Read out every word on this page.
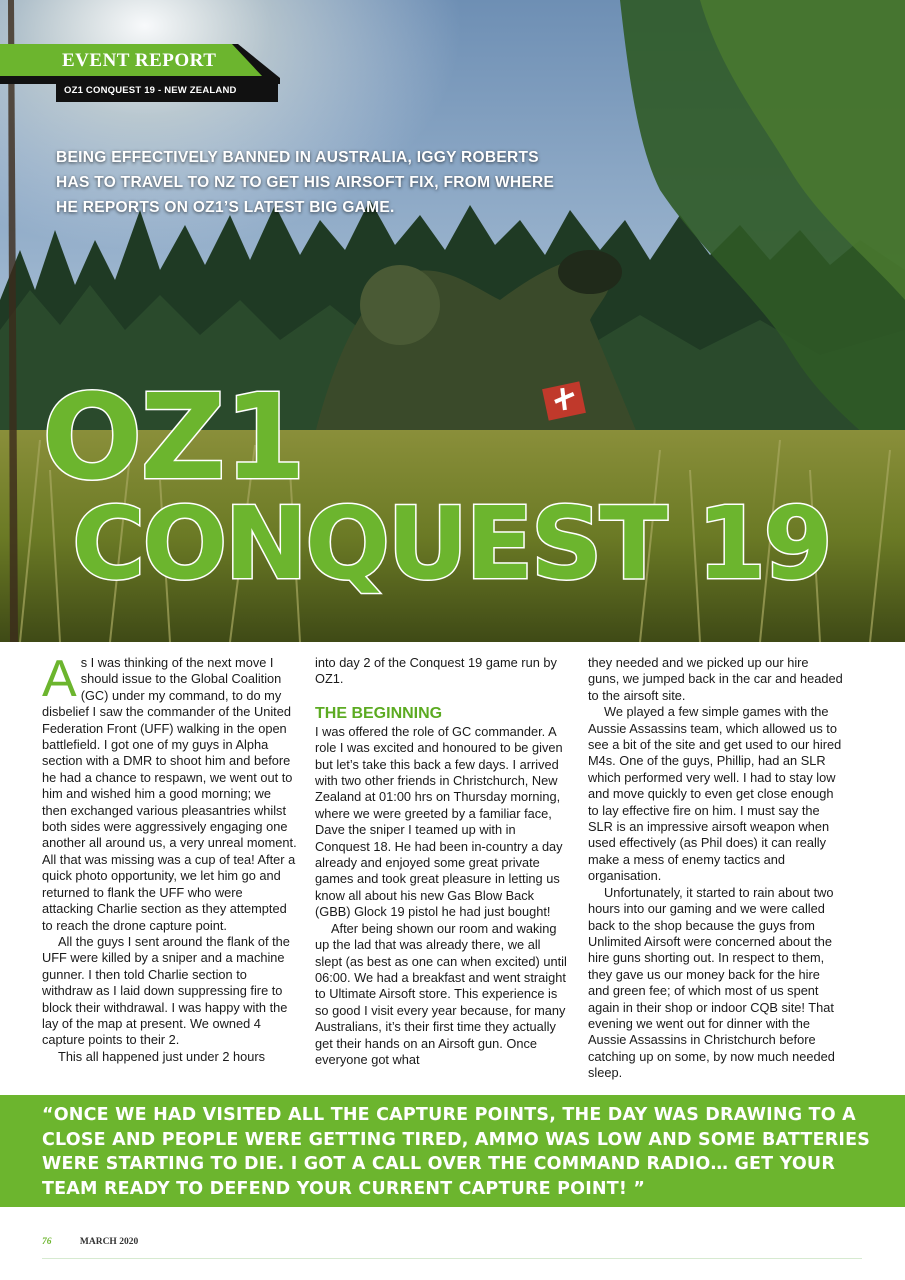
EVENT REPORT
OZ1 CONQUEST 19 - NEW ZEALAND

BEING EFFECTIVELY BANNED IN AUSTRALIA, IGGY ROBERTS HAS TO TRAVEL TO NZ TO GET HIS AIRSOFT FIX, FROM WHERE HE REPORTS ON OZ1’S LATEST BIG GAME.

OZ1
CONQUEST 19

As I was thinking of the next move I should issue to the Global Coalition (GC) under my command, to do my disbelief I saw the commander of the United Federation Front (UFF) walking in the open battlefield. I got one of my guys in Alpha section with a DMR to shoot him and before he had a chance to respawn, we went out to him and wished him a good morning; we then exchanged various pleasantries whilst both sides were aggressively engaging one another all around us, a very unreal moment. All that was missing was a cup of tea! After a quick photo opportunity, we let him go and returned to flank the UFF who were attacking Charlie section as they attempted to reach the drone capture point.

All the guys I sent around the flank of the UFF were killed by a sniper and a machine gunner. I then told Charlie section to withdraw as I laid down suppressing fire to block their withdrawal. I was happy with the lay of the map at present. We owned 4 capture points to their 2.

This all happened just under 2 hours

into day 2 of the Conquest 19 game run by OZ1.

THE BEGINNING

I was offered the role of GC commander. A role I was excited and honoured to be given but let’s take this back a few days. I arrived with two other friends in Christchurch, New Zealand at 01:00 hrs on Thursday morning, where we were greeted by a familiar face, Dave the sniper I teamed up with in Conquest 18. He had been in-country a day already and enjoyed some great private games and took great pleasure in letting us know all about his new Gas Blow Back (GBB) Glock 19 pistol he had just bought!

After being shown our room and waking up the lad that was already there, we all slept (as best as one can when excited) until 06:00. We had a breakfast and went straight to Ultimate Airsoft store. This experience is so good I visit every year because, for many Australians, it’s their first time they actually get their hands on an Airsoft gun. Once everyone got what

they needed and we picked up our hire guns, we jumped back in the car and headed to the airsoft site.

We played a few simple games with the Aussie Assassins team, which allowed us to see a bit of the site and get used to our hired M4s. One of the guys, Phillip, had an SLR which performed very well. I had to stay low and move quickly to even get close enough to lay effective fire on him. I must say the SLR is an impressive airsoft weapon when used effectively (as Phil does) it can really make a mess of enemy tactics and organisation.

Unfortunately, it started to rain about two hours into our gaming and we were called back to the shop because the guys from Unlimited Airsoft were concerned about the hire guns shorting out. In respect to them, they gave us our money back for the hire and green fee; of which most of us spent again in their shop or indoor CQB site! That evening we went out for dinner with the Aussie Assassins in Christchurch before catching up on some, by now much needed sleep.

“ONCE WE HAD VISITED ALL THE CAPTURE POINTS, THE DAY WAS DRAWING TO A CLOSE AND PEOPLE WERE GETTING TIRED, AMMO WAS LOW AND SOME BATTERIES WERE STARTING TO DIE. I GOT A CALL OVER THE COMMAND RADIO… GET YOUR TEAM READY TO DEFEND YOUR CURRENT CAPTURE POINT! ”

76	MARCH 2020
